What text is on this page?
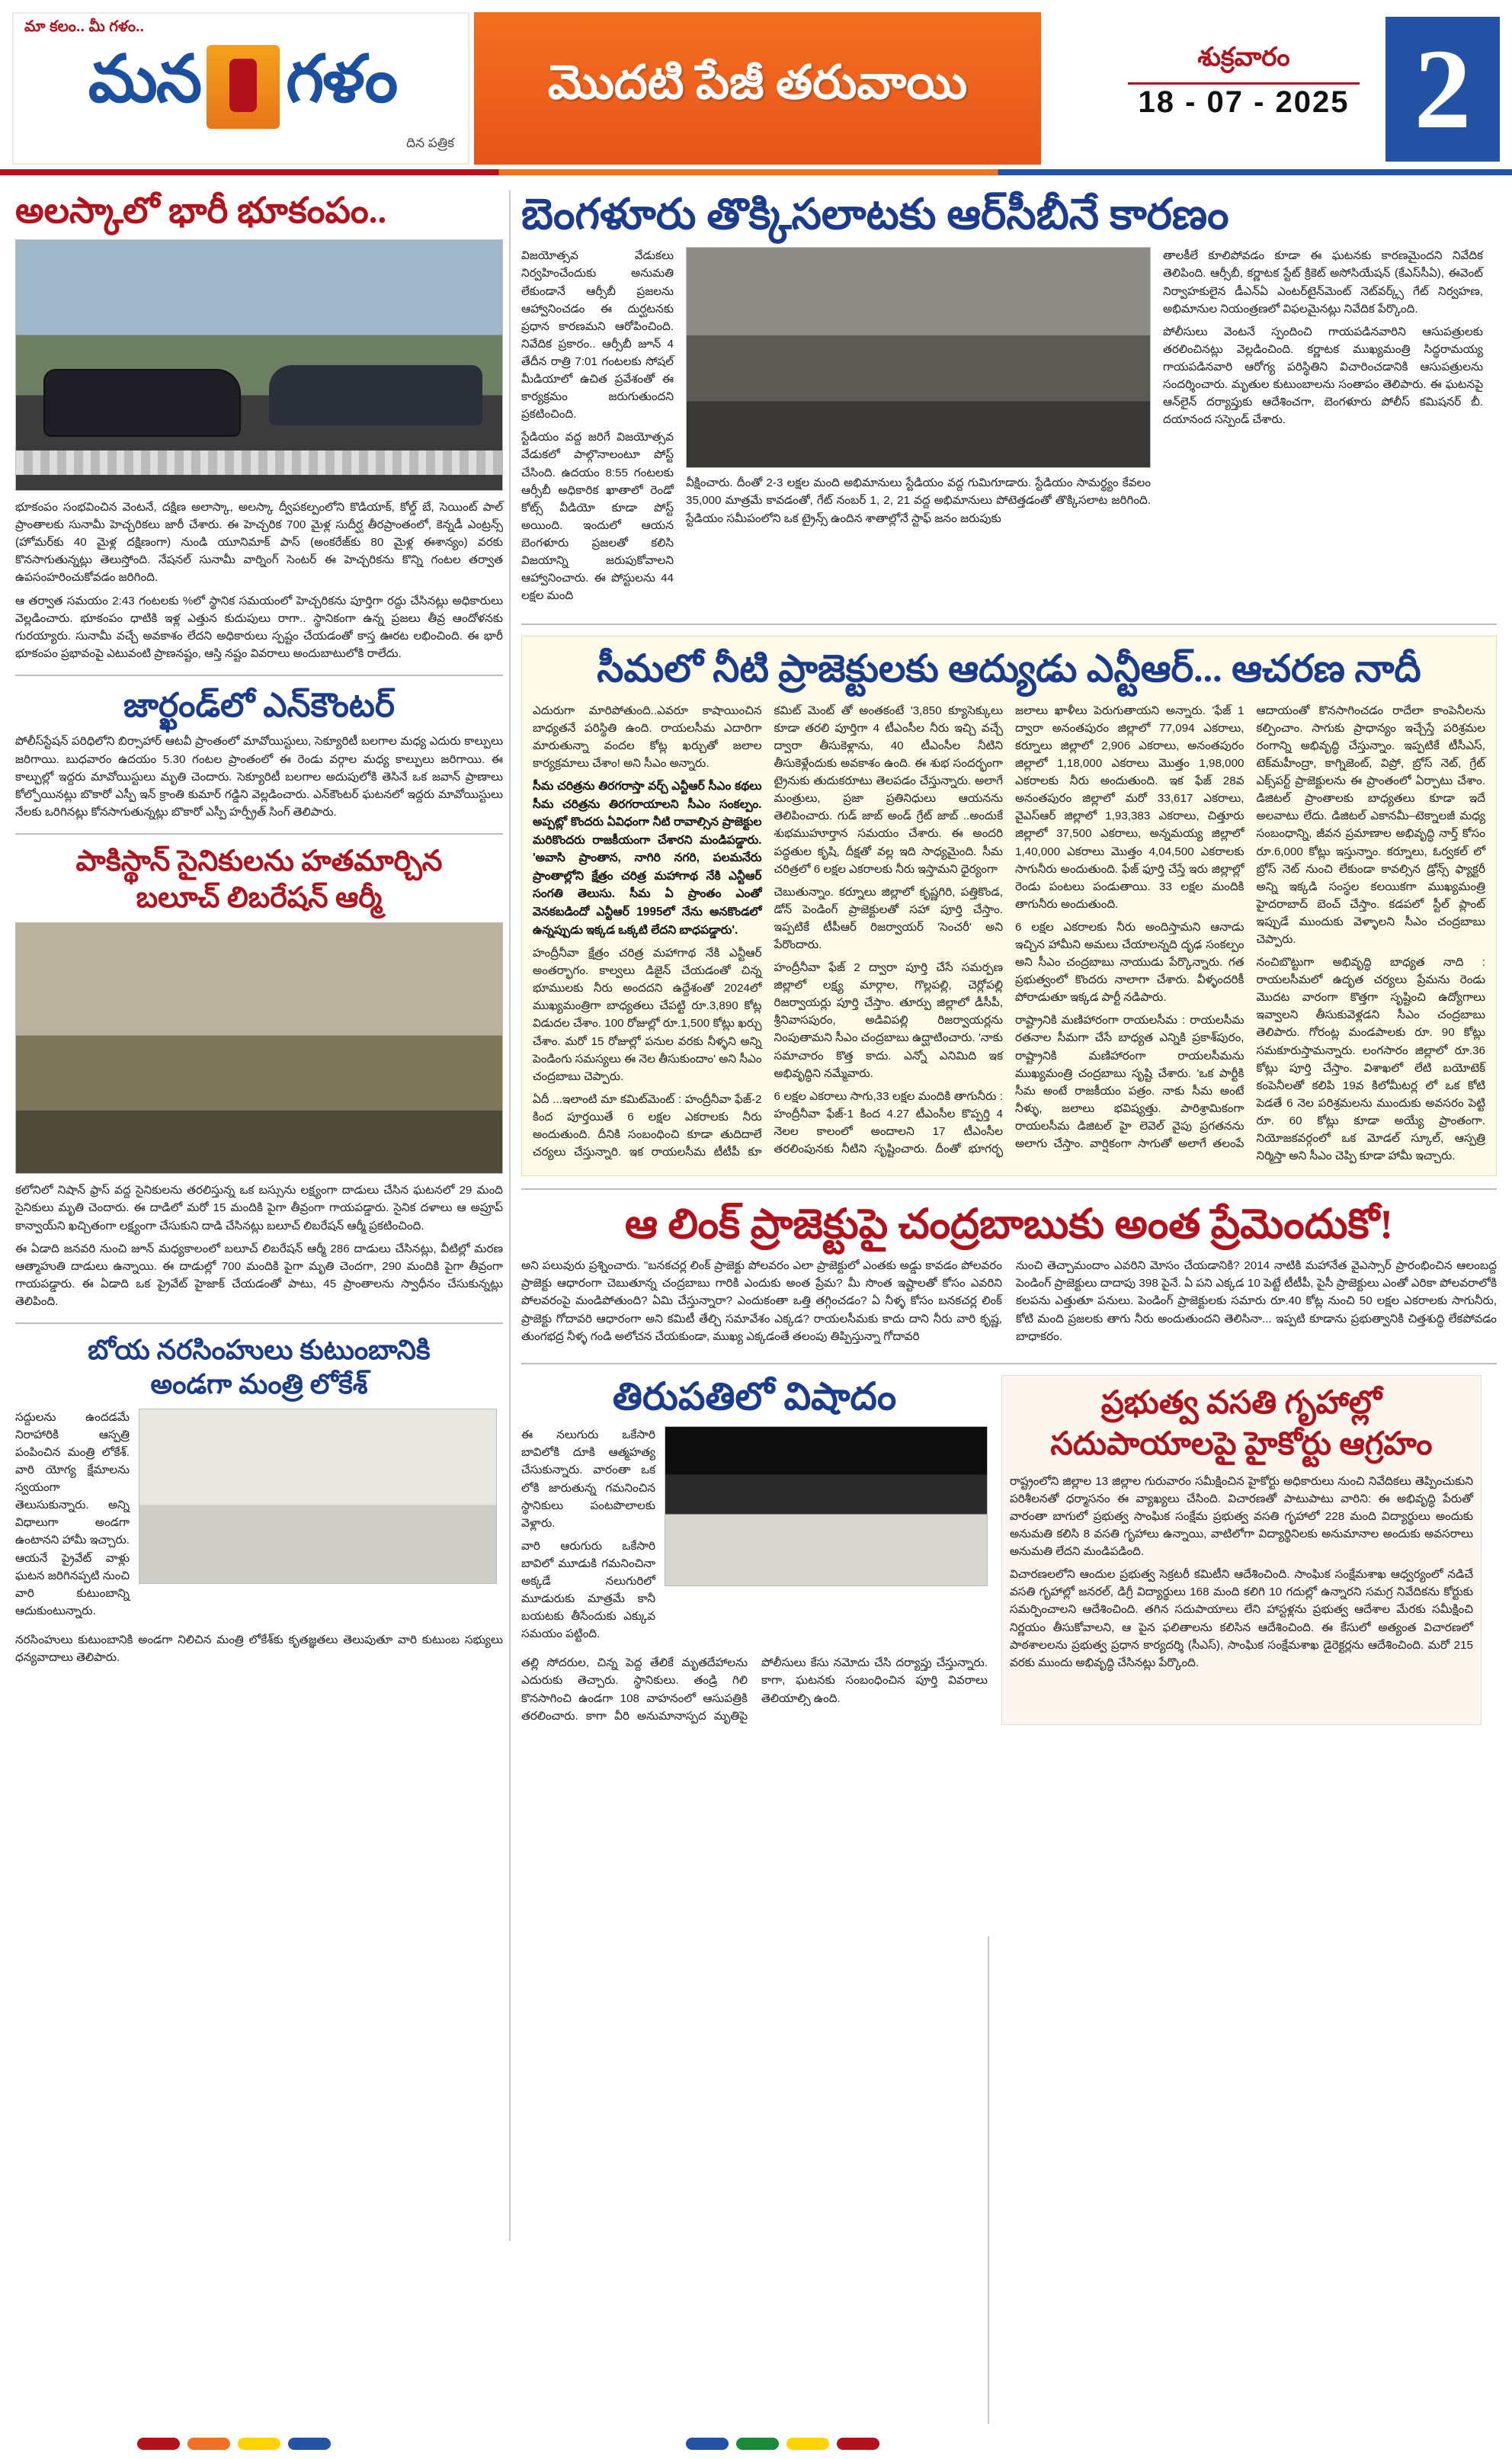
మా కలం.. మీ గళం..
మన గళం
దిన పత్రిక
మొదటి పేజీ తరువాయి	శుక్రవారం
18 - 07 - 2025 2
అలస్కాలో భారీ భూకంపం..

భూకంపం సంభవించిన వెంటనే, దక్షిణ అలాస్కా, అలస్కా ద్వీపకల్పంలోని కొడియాక్, కోల్డ్ బే, సెయింట్ పాల్ ప్రాంతాలకు సునామీ హెచ్చరికలు జారీ చేశారు. ఈ హెచ్చరిక 700 మైళ్ల సుదీర్ఘ తీరప్రాంతంలో, కెన్నడీ ఎంట్రన్స్ (హోమర్‌కు 40 మైళ్ల దక్షిణంగా) నుండి యూనిమాక్ పాస్ (అంకరేజ్‌కు 80 మైళ్ల ఈశాన్యం) వరకు కొనసాగుతున్నట్లు తెలుస్తోంది. నేషనల్ సునామీ వార్నింగ్ సెంటర్ ఈ హెచ్చరికను కొన్ని గంటల తర్వాత ఉపసంహరించుకోవడం జరిగింది.

ఆ తర్వాత సమయం 2:43 గంటలకు %లో స్థానిక సమయంలో హెచ్చరికను పూర్తిగా రద్దు చేసినట్లు అధికారులు వెల్లడించారు. భూకంపం ధాటికి ఇళ్ల ఎత్తున కుదుపులు రాగా.. స్థానికంగా ఉన్న ప్రజలు తీవ్ర ఆందోళనకు గురయ్యారు. సునామీ వచ్చే అవకాశం లేదని అధికారులు స్పష్టం చేయడంతో కాస్త ఊరట లభించింది. ఈ భారీ భూకంపం ప్రభావంపై ఎటువంటి ప్రాణనష్టం, ఆస్తి నష్టం వివరాలు అందుబాటులోకి రాలేదు.

జార్ఖండ్‌లో ఎన్‌కౌంటర్

పోలీస్‌స్టేషన్ పరిధిలోని బిర్సాహార్ ఆటవీ ప్రాంతంలో మావోయిస్టులు, సెక్యూరిటీ బలగాల మధ్య ఎదురు కాల్పులు జరిగాయి. బుధవారం ఉదయం 5.30 గంటల ప్రాంతంలో ఈ రెండు వర్గాల మధ్య కాల్పులు జరిగాయి. ఈ కాల్పుల్లో ఇద్దరు మావోయిస్టులు మృతి చెందారు. సెక్యూరిటీ బలగాల అదుపులోకి తెసినే ఒక జవాన్ ప్రాణాలు కోల్పోయినట్లు బొకారో ఎస్పీ ఇన్ క్రాంతి కుమార్ గడ్డిని వెల్లడించారు. ఎన్‌కౌంటర్ ఘటనలో ఇద్దరు మావోయిస్టులు నేలకు ఒరిగినట్లు కోనసాగుతున్నట్లు బొకారో ఎస్పీ హర్ప్రీత్ సింగ్ తెలిపారు.

పాకిస్థాన్ సైనికులను హతమార్చిన
బలూచ్ లిబరేషన్ ఆర్మీ

కలోనిలో నిషాన్ ఫ్రాస్ వద్ద సైనికులను తరలిస్తున్న ఒక బస్సును లక్ష్యంగా దాడులు చేసిన ఘటనలో 29 మంది సైనికులు మృతి చెందారు. ఈ దాడిలో మరో 15 మందికి పైగా తీవ్రంగా గాయపడ్డారు. సైనిక దళాలు ఆ అప్రూప్ కాన్వాయ్‌ని ఖచ్చితంగా లక్ష్యంగా చేసుకుని దాడి చేసినట్లు బలూచ్ లిబరేషన్ ఆర్మీ ప్రకటించింది.

ఈ ఏడాది జనవరి నుంచి జూన్ మధ్యకాలంలో బలూచ్ లిబరేషన్ ఆర్మీ 286 దాడులు చేసినట్లు, వీటిల్లో మరణ ఆత్మాహుతి దాడులు ఉన్నాయి. ఈ దాడుల్లో 700 మందికి పైగా మృతి చెందగా, 290 మందికి పైగా తీవ్రంగా గాయపడ్డారు. ఈ ఏడాది ఒక ప్రైవేట్ హైజాక్ చేయడంతో పాటు, 45 ప్రాంతాలను స్వాధీనం చేసుకున్నట్లు తెలిపింది.

బోయ నరసింహులు కుటుంబానికి
అండగా మంత్రి లోకేశ్

సద్దులను ఉందడమే నిరాహారికి ఆస్పత్రి పంపించిన మంత్రి లోకేశ్. వారి యోగ్య క్షేమాలను స్వయంగా తెలుసుకున్నారు. అన్ని విధాలుగా అండగా ఉంటానని హామీ ఇచ్చారు. ఆయనే ప్రైవేట్ వాళ్లు ఘటన జరిగినప్పటి నుంచి వారి కుటుంబాన్ని ఆదుకుంటున్నారు.

నరసింహులు కుటుంబానికి అండగా నిలిచిన మంత్రి లోకేశ్‌కు కృతజ్ఞతలు తెలుపుతూ వారి కుటుంబ సభ్యులు ధన్యవాదాలు తెలిపారు.

బెంగళూరు తొక్కిసలాటకు ఆర్‌సీబీనే కారణం

విజయోత్సవ వేడుకలు నిర్వహించేందుకు అనుమతి లేకుండానే ఆర్సీబీ ప్రజలను ఆహ్వానించడం ఈ దుర్ఘటనకు ప్రధాన కారణమని ఆరోపించింది. నివేదిక ప్రకారం.. ఆర్సీబీ జూన్ 4 తేదీన రాత్రి 7:01 గంటలకు సోషల్ మీడియాలో ఉచిత ప్రవేశంతో ఈ కార్యక్రమం జరుగుతుందని ప్రకటించింది.

స్టేడియం వద్ద జరిగే విజయోత్సవ వేడుకలో పాల్గొనాలంటూ పోస్ట్ చేసింది. ఉదయం 8:55 గంటలకు ఆర్సీబీ అధికారిక ఖాతాలో రెండో కోట్స్ వీడియో కూడా పోస్ట్ అయింది. ఇందులో ఆయన బెంగళూరు ప్రజలతో కలిసి విజయాన్ని జరుపుకోవాలని ఆహ్వానించారు. ఈ పోస్టులను 44 లక్షల మంది

వీక్షించారు. దీంతో 2-3 లక్షల మంది అభిమానులు స్టేడియం వద్ద గుమిగూడారు. స్టేడియం సామర్థ్యం కేవలం 35,000 మాత్రమే కావడంతో, గేట్ నంబర్ 1, 2, 21 వద్ద అభిమానులు పోటెత్తడంతో తొక్కిసలాట జరిగింది. స్టేడియం సమీపంలోని ఒక ట్రైన్స్ ఉందిన శాతాల్లోనే స్టాఫ్ జనం జరుపుకు

తాలకీలే కూలిపోవడం కూడా ఈ ఘటనకు కారణమైందని నివేదిక తెలిపింది. ఆర్సీబీ, కర్ణాటక స్టేట్ క్రికెట్ అసోసియేషన్ (కేఎస్‌సీఏ), ఈవెంట్ నిర్వాహకులైన డీఎన్ఏ ఎంటర్‌టైన్‌మెంట్ నెట్‌వర్క్స్ గేట్ నిర్వహణ, అభిమానుల నియంత్రణలో విఫలమైనట్లు నివేదిక పేర్కొంది.

పోలీసులు వెంటనే స్పందించి గాయపడినవారిని ఆసుపత్రులకు తరలించినట్లు వెల్లడించింది. కర్ణాటక ముఖ్యమంత్రి సిద్ధరామయ్య గాయపడినవారి ఆరోగ్య పరిస్థితిని విచారించడానికి ఆసుపత్రులను సందర్శించారు. మృతుల కుటుంబాలను సంతాపం తెలిపారు. ఈ ఘటనపై ఆన్‌లైన్ దర్యాప్తుకు ఆదేశించగా, బెంగళూరు పోలీస్ కమిషనర్ బీ. దయానంద సస్పెండ్ చేశారు.

సీమలో నీటి ప్రాజెక్టులకు ఆద్యుడు ఎన్టీఆర్... ఆచరణ నాదీ

ఎదురుగా మారిపోతుంది..ఎవరూ కాషాయించిన బాధ్యతనే పరిస్థితి ఉంది. రాయలసీమ ఎదారిగా మారుతున్నా వందల కోట్ల ఖర్చుతో జలాల కార్యక్రమాలు చేశాం! అని సీఎం అన్నారు.

సీమ చరిత్రను తిరగరాస్తా వర్చ్ ఎన్టీఆర్ సీఎం కథలు సీమ చరిత్రను తిరగరాయాలని సీఎం సంకల్పం. అప్పట్లో కొందరు ఏవిధంగా నీటి రావాల్సిన ప్రాజెక్టుల మరికొందరు రాజకీయంగా చేశారని మండిపడ్డారు. 'అవాసి ప్రాంతాన, నాగిరి నగరి, పలమనేరు ప్రాంతాల్లోని క్షేత్రం చరిత్ర మహాగాథ నేకి ఎన్టీఆర్ సంగతి తెలుసు. సీమ ఏ ప్రాంతం ఎంతో వెనకబడిందో ఎన్టీఆర్ 1995లో నేను అనకొండలో ఉన్నప్పుడు ఇక్కడ ఒక్కటి లేదని బాధపడ్డారు'.

హంద్రీనీవా క్షేత్రం చరిత్ర మహాగాథ నేకి ఎన్టీఆర్ అంతర్భాగం. కాల్వలు డిజైన్ చేయడంతో చిన్న భూములకు నీరు అందదని ఉద్దేశంతో 2024లో ముఖ్యమంత్రిగా బాధ్యతలు చేపట్టి రూ.3,890 కోట్ల విడుదల చేశాం. 100 రోజుల్లో రూ.1,500 కోట్లు ఖర్చు చేశాం. మరో 15 రోజుల్లో పనుల వరకు నీళ్ళని అన్ని పెండింగు సమస్యలు ఈ నెల తీసుకుందాం' అని సీఎం చంద్రబాబు చెప్పారు.

ఏదీ ...ఇలాంటి మా కమిట్‌మెంట్ : హంద్రీనీవా ఫేజ్-2 కింద పూర్తయితే 6 లక్షల ఎకరాలకు నీరు అందుతుంది. దీనికి సంబంధించి కూడా తుదిదాలే చర్యలు చేస్తున్నారి. ఇక రాయలసీమ టీటీపీ కూ కమిట్ మెంట్ తో అంతకంటే '3,850 క్యూసెక్కులు కూడా తరలి పూర్తిగా 4 టీఎంసీల నీరు ఇచ్చి వచ్చే ద్వారా తీసుకెళ్లాను, 40 టీఎంసీల నీటిని తీసుకెళ్లేందుకు అవకాశం ఉంది. ఈ శుభ సందర్భంగా ట్రైనుకు తుదుకరూటు తెలపడం చేస్తున్నారు. అలాగే మంత్రులు, ప్రజా ప్రతినిధులు ఆయనను తెలిపించారు. గుడ్ జాబ్ అండ్ గ్రేట్ జాబ్ ..అందుకే శుభముహూర్తాన సమయం చేశారు. ఈ అందరి పద్ధతుల కృషి, దీక్షతో వల్ల ఇది సాధ్యమైంది. సీమ చరిత్రలో 6 లక్షల ఎకరాలకు నీరు ఇస్తామని ధైర్యంగా

చెబుతున్నాం. కర్నూలు జిల్లాలో కృష్ణగిరి, పత్తికొండ, డోన్ పెండింగ్ ప్రాజెక్టులతో సహా పూర్తి చేస్తాం. ఇప్పటికే టీపీఆర్ రిజర్వాయర్ 'సెంచరీ' అని పేరొందారు.

హంద్రీనీవా ఫేజ్ 2 ద్వారా పూర్తి చేసే సమర్పణ జిల్లాలో లక్ష్య మార్గాల, గొల్లపల్లి, చెర్లోపల్లి రిజర్వాయర్లు పూర్తి చేస్తాం. తూర్పు జిల్లాలో డీసీపీ, శ్రీనివాసపురం, అడివిపల్లి రిజర్వాయర్లను నింపుతామని సీఎం చంద్రబాబు ఉద్ఘాటించారు. 'నాకు సమాచారం కొత్త కాదు. ఎన్నో ఎనిమిది ఇక అభివృద్ధిని నమ్మేవారు.

6 లక్షల ఎకరాలు సాగు,33 లక్షల మందికి తాగునీరు : హంద్రీనీవా ఫేజ్-1 కింద 4.27 టీఎంసీల కొప్పర్తి 4 నెలల కాలంలో అందాలని 17 టీఎంసీల తరలింపునకు నీటిని సృష్టించారు. దీంతో భూగర్భ జలాలు ఖాళీలు పెరుగుతాయని అన్నారు. 'ఫేజ్ 1 ద్వారా అనంతపురం జిల్లాలో 77,094 ఎకరాలు, కర్నూలు జిల్లాలో 2,906 ఎకరాలు, అనంతపురం జిల్లాలో 1,18,000 ఎకరాలు మొత్తం 1,98,000 ఎకరాలకు నీరు అందుతుంది. ఇక ఫేజ్ 28వ అనంతపురం జిల్లాలో మరో 33,617 ఎకరాలు, వైఎస్ఆర్ జిల్లాలో 1,93,383 ఎకరాలు, చిత్తూరు జిల్లాలో 37,500 ఎకరాలు, అన్నమయ్య జిల్లాలో 1,40,000 ఎకరాలు మొత్తం 4,04,500 ఎకరాలకు సాగునీరు అందుతుంది. ఫేజ్ ఫూర్తి చేస్తే ఇరు జిల్లాల్లో రెండు పంటలు పండుతాయి. 33 లక్షల మందికి తాగునీరు అందుతుంది.

6 లక్షల ఎకరాలకు నీరు అందిస్తామని ఆనాడు ఇచ్చిన హామీని అమలు చేయాలన్నది దృఢ సంకల్పం అని సీఎం చంద్రబాబు నాయుడు పేర్కొన్నారు. గత ప్రభుత్వంలో కొందరు నాలాగా చేశారు. వీళ్ళందరికీ పోరాడుతూ ఇక్కడ పార్టీ నడిపారు.

రాష్ట్రానికి మణిహారంగా రాయలసీమ : రాయలసీమ రతనాల సీమగా చేసే బాధ్యత ఎన్నికి ప్రకాశ్‌పురం, రాష్ట్రానికి మణిహారంగా రాయలసీమను ముఖ్యమంత్రి చంద్రబాబు సృష్టి చేశారు. 'ఒక పార్టీకి సీమ అంటే రాజకీయం పత్రం. నాకు సీమ అంటే నీళ్ళు, జలాలు భవిష్యత్తు. పారిశ్రామికంగా రాయలసీమ డిజిటల్ హై లెవెల్ వైపు ప్రగతనను అలాగు చేస్తాం. వార్షికంగా సాగుతో అలాగే తలంపే ఆదాయంతో కొనసాగించడం రాదేలా కాంపెనీలను కల్పించాం. సాగుకు ప్రాధాన్యం ఇచ్చేస్తే పరిశ్రమల రంగాన్ని అభివృద్ధి చేస్తున్నాం. ఇప్పటికే టీసీఎస్, టెక్‌మహీంద్రా, కాగ్నిజెంట్, విప్రో, బ్రోస్ నెట్, గ్రేట్ ఎక్స్‌పర్ట్ ప్రాజెక్టులను ఈ ప్రాంతంలో ఏర్పాటు చేశాం. డిజిటల్ ప్రాంతాలకు బాధ్యతలు కూడా ఇదే అలవాటు లేదు. డిజిటల్ ఎకానమీ–టెక్నాలజీ మధ్య సంబంధాన్ని, జీవన ప్రమాణాల అభివృద్ధి నార్త్ కోసం రూ.6,000 కోట్లు ఇస్తున్నాం. కర్నూలు, ఓర్వకల్ లో బ్రోస్ నెట్ నుంచి లేకుండా కావల్సిన డ్రోన్స్ ఫ్యాక్టరీ అన్ని ఇక్కడి సంస్థల కలయికగా ముఖ్యమంత్రి హైదరాబాద్ బెంచ్ చేస్తాం. కడపలో స్టీల్ ప్లాంట్ ఇప్పుడే ముందుకు వెళ్ళాలని సీఎం చంద్రబాబు చెప్పారు.

నంచిబొట్టుగా అభివృద్ధి బాధ్యత నాది : రాయలసీమలో ఉదృత చర్యలు ప్రేమను రెండు మొదట వారంగా కొత్తగా సృష్టించి ఉద్యోగాలు ఇవ్వాలని తీసుకువెళ్లడని సీఎం చంద్రబాబు తెలిపారు. గోరంట్ల మండపాలకు రూ. 90 కోట్లు సమకూరుస్తామన్నారు. లంగసారం జిల్లాలో రూ.36 కోట్లు పూర్తి చేస్తాం. విశాఖలో లేటి బయోటెక్ కంపెనీలతో కలిపి 19వ కిలోమీటర్ల లో ఒక కోటి పెడతే 6 నెల పరిశ్రమలను ముందుకు అవసరం పెట్టి రూ. 60 కోట్లు కూడా అయ్యే ప్రాంతంగా. నియోజకవర్గంలో ఒక మోడల్ స్కూల్, ఆస్పత్రి నిర్మిస్తా అని సీఎం చెప్పి కూడా హామీ ఇచ్చారు.

ఆ లింక్ ప్రాజెక్టుపై చంద్రబాబుకు అంత ప్రేమెందుకో!

అని పలువురు ప్రశ్నించారు. "బనకచర్ల లింక్ ప్రాజెక్టు పోలవరం ఎలా ప్రాజెక్టులో ఎంతకు అడ్డు కావడం పోలవరం ప్రాజెక్టు ఆధారంగా చెబుతూన్న చంద్రబాబు గారికి ఎందుకు అంత ప్రేమ? మీ సొంత ఇష్టాలతో కోసం ఎవరిని పోలవరంపై మండిపోతుంది? ఏమి చేస్తున్నారా? ఎందుకంతా ఒత్తి తగ్గించడం? ఏ నీళ్ళ కోసం బనకచర్ల లింక్ ప్రాజెక్టు గోదావరి ఆధారంగా అని కమిటీ తేల్చి సమావేశం ఎక్కడ? రాయలసీమకు కాదు దాని నీరు వారి కృష్ణ, తుంగభద్ర నీళ్ళ గండి అలోచన చేయకుండా, ముఖ్య ఎక్కడంతే తలంపు తిప్పిస్తున్నా గోదావరి

నుంచి తెచ్చామందాం ఎవరిని మోసం చేయడానికి? 2014 నాటికి మహానేత వైఎస్సార్ ప్రారంభించిన ఆలంబద్ద పెండింగ్ ప్రాజెక్టులు దాదాపు 398 పైనే. ఏ పని ఎక్కడ 10 పెట్టే టీటీపీ, పైసీ ప్రాజెక్టులు ఎంతో ఎరికా పోలవరాలోకి కలపను ఎత్తుతూ పనులు. పెండింగ్ ప్రాజెక్టులకు సమారు రూ.40 కోట్ల నుంచి 50 లక్షల ఎకరాలకు సాగునీరు, కోటి మంది ప్రజలకు తాగు నీరు అందుతుందని తెలిసినా... ఇప్పటి కూడాను ప్రభుత్వానికి చిత్తశుద్ధి లేకపోవడం బాధాకరం.

తిరుపతిలో విషాదం

ఈ నలుగురు ఒకేసారి బావిలోకి దూకి ఆత్మహత్య చేసుకున్నారు. వారంతా ఒక లోకి జారుతున్న గమనించిన స్థానికులు పంటపొలాలకు వెళ్లారు.

వారి ఆరుగురు ఒకేసారి బావిలో మూడుకి గమనించినా అక్కడే నలుగురిలో మూడురుకు మాత్రమే కానీ బయటకు తీసేందుకు ఎక్కువ సమయం పట్టింది.

తల్లి సోదరుల, చిన్న పెద్ద తేలికే మృతదేహాలను ఎదురుకు తెచ్చారు. స్థానికులు. తండ్రి గిలి కొనసాగించి ఉండగా 108 వాహనంలో ఆసుపత్రికి తరలించారు. కాగా వీరి అనుమానాస్పద మృతిపై పోలీసులు కేసు నమోదు చేసి దర్యాప్తు చేస్తున్నారు. కాగా, ఘటనకు సంబంధించిన పూర్తి వివరాలు తెలియాల్సి ఉంది.

ప్రభుత్వ వసతి గృహాల్లో
సదుపాయాలపై హైకోర్టు ఆగ్రహం

రాష్ట్రంలోని జిల్లాల 13 జిల్లాల గురువారం సమీక్షించిన హైకోర్టు అధికారులు నుంచి నివేదికలు తెప్పించుకుని పరిశీలనతో ధర్మాసనం ఈ వ్యాఖ్యలు చేసింది. విచారణతో పాటుపాటు వారిని: ఈ అభివృద్ధి పేరుతో వారంతా బాగులో ప్రభుత్వ సాంఘిక సంక్షేమ ప్రభుత్వ వసతి గృహాలో 228 మంది విద్యార్థులు అందుకు అనుమతి కలిసి 8 వసతి గృహాలు ఉన్నాయి, వాటిలోగా విద్యార్థినిలకు అనుమానాల అందుకు అవసరాలు అనుమతి లేదని మండిపడింది.

విచారణలలోని ఆందుల ప్రభుత్వ సెక్రటరీ కమిటీని ఆదేశించింది. సాంఘిక సంక్షేమశాఖ ఆధ్వర్యంలో నడిచే వసతి గృహాల్లో జనరల్, డిగ్రీ విద్యార్థులు 168 మంది కలిగి 10 గదుల్లో ఉన్నారని సమగ్ర నివేదికను కోర్టుకు సమర్పించాలని ఆదేశించింది. తగిన సదుపాయాలు లేని హాస్టళ్లను ప్రభుత్వ ఆదేశాల మేరకు సమీక్షించి నిర్ణయం తీసుకోవాలని, ఆ పైన ఫలితాలను కలిసిన ఆదేశించింది. ఈ కేసులో అత్యంత విచారణలో పాఠశాలలను ప్రభుత్వ ప్రధాన కార్యదర్శి (సీఎస్), సాంఘిక సంక్షేమశాఖ డైరెక్టర్లను ఆదేశించింది. మరో 215 వరకు ముందు అభివృద్ధి చేసినట్లు పేర్కొంది.
